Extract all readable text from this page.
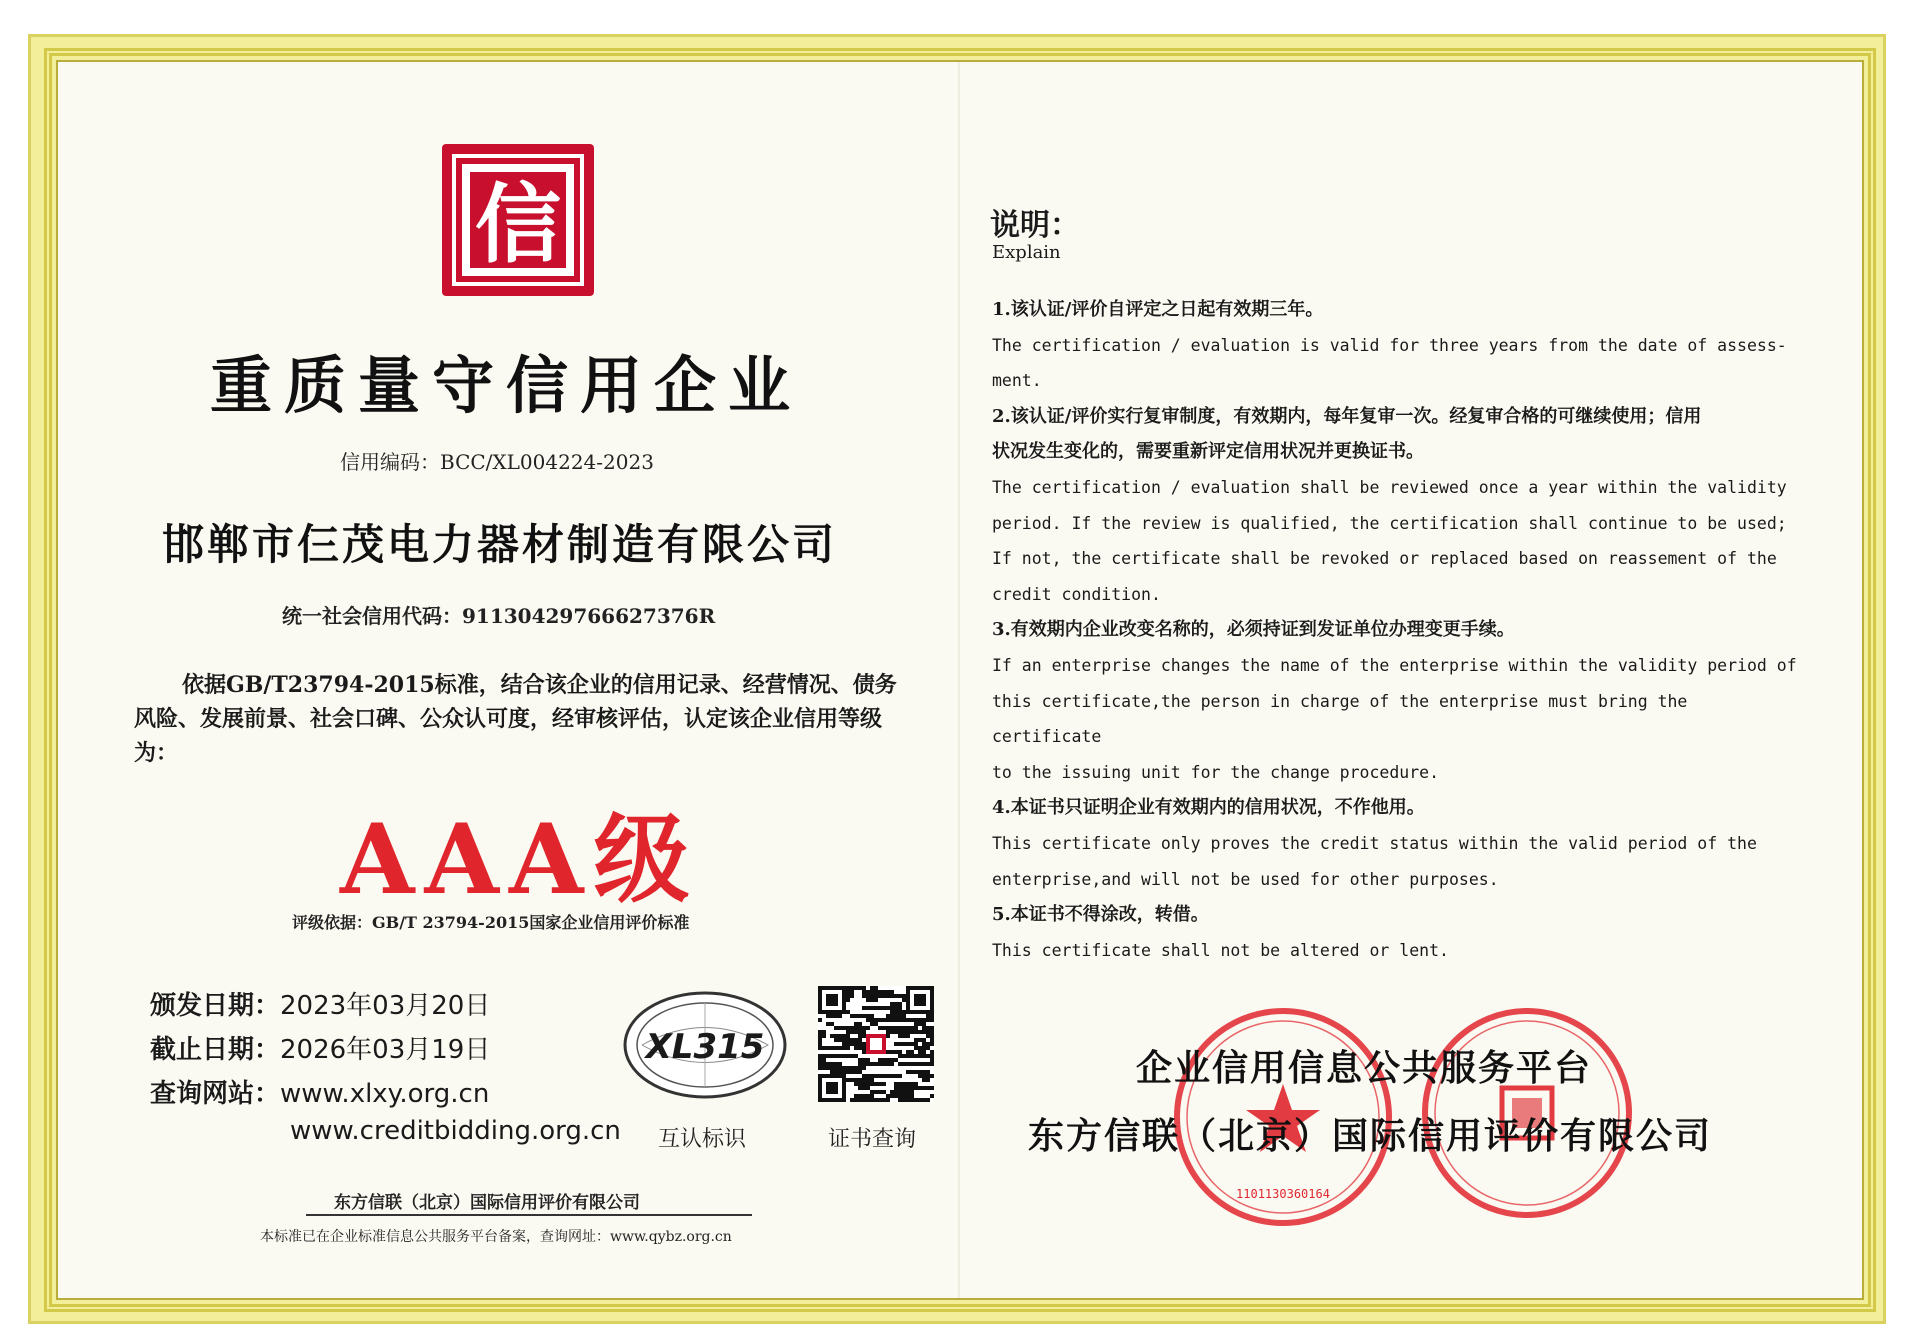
信
重质量守信用企业
信用编码：BCC/XL004224-2023
邯郸市仨茂电力器材制造有限公司
统一社会信用代码：91130429766627376R
依据GB/T23794-2015标准，结合该企业的信用记录、经营情况、债务风险、发展前景、社会口碑、公众认可度，经审核评估，认定该企业信用等级为：
AAA级
评级依据：GB/T 23794-2015国家企业信用评价标准
颁发日期：2023年03月20日
截止日期：2026年03月19日
查询网站：www.xlxy.org.cn
www.creditbidding.org.cn
XL315
互认标识	证书查询
东方信联（北京）国际信用评价有限公司
本标准已在企业标准信息公共服务平台备案，查询网址：www.qybz.org.cn
说明：
Explain

1.该认证/评价自评定之日起有效期三年。

The certification / evaluation is valid for three years from the date of assess-

ment.

2.该认证/评价实行复审制度，有效期内，每年复审一次。经复审合格的可继续使用；信用

状况发生变化的，需要重新评定信用状况并更换证书。

The certification / evaluation shall be reviewed once a year within the validity

period. If the review is qualified, the certification shall continue to be used;

If not, the certificate shall be revoked or replaced based on reassement of the

credit condition.

3.有效期内企业改变名称的，必须持证到发证单位办理变更手续。

If an enterprise changes the name of the enterprise within the validity period of

this certificate,the person in charge of the enterprise must bring the certificate

to the issuing unit for the change procedure.

4.本证书只证明企业有效期内的信用状况，不作他用。

This certificate only proves the credit status within the valid period of the

enterprise,and will not be used for other purposes.

5.本证书不得涂改，转借。

This certificate shall not be altered or lent.

1101130360164
企业信用信息公共服务平台
东方信联（北京）国际信用评价有限公司
